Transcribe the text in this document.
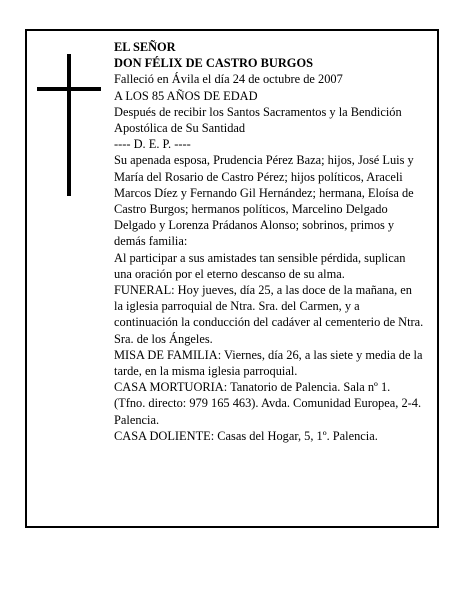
EL SEÑOR

DON FÉLIX DE CASTRO BURGOS

Falleció en Ávila el día 24 de octubre de 2007

A LOS 85 AÑOS DE EDAD

Después de recibir los Santos Sacramentos y la Bendición Apostólica de Su Santidad

---- D. E. P. ----

Su apenada esposa, Prudencia Pérez Baza; hijos, José Luis y María del Rosario de Castro Pérez; hijos políticos, Araceli Marcos Díez y Fernando Gil Hernández; hermana, Eloísa de Castro Burgos; hermanos políticos, Marcelino Delgado Delgado y Lorenza Prádanos Alonso; sobrinos, primos y demás familia:

Al participar a sus amistades tan sensible pérdida, suplican una oración por el eterno descanso de su alma.

FUNERAL: Hoy jueves, día 25, a las doce de la mañana, en la iglesia parroquial de Ntra. Sra. del Carmen, y a continuación la conducción del cadáver al cementerio de Ntra. Sra. de los Ángeles.

MISA DE FAMILIA: Viernes, día 26, a las siete y media de la tarde, en la misma iglesia parroquial.

CASA MORTUORIA: Tanatorio de Palencia. Sala nº 1. (Tfno. directo: 979 165 463). Avda. Comunidad Europea, 2-4. Palencia.

CASA DOLIENTE: Casas del Hogar, 5, 1º. Palencia.
